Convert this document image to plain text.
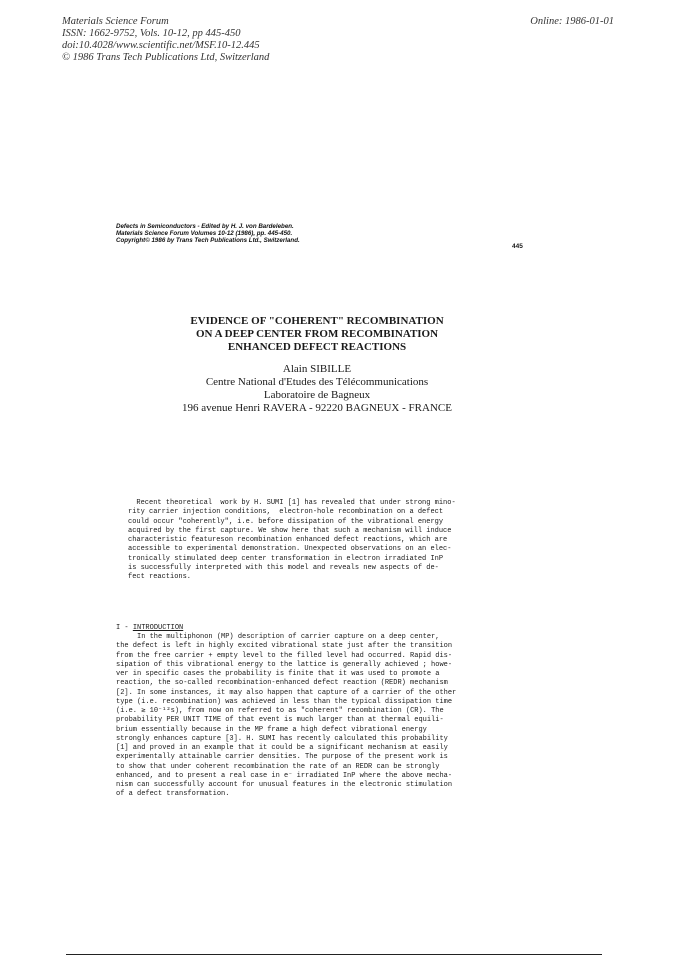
Materials Science Forum
ISSN: 1662-9752, Vols. 10-12, pp 445-450
doi:10.4028/www.scientific.net/MSF.10-12.445
© 1986 Trans Tech Publications Ltd, Switzerland
Online: 1986-01-01
Defects in Semiconductors - Edited by H. J. von Bardeleben.
Materials Science Forum Volumes 10-12 (1986), pp. 445-450.
Copyright© 1986 by Trans Tech Publications Ltd., Switzerland.
445
EVIDENCE OF "COHERENT" RECOMBINATION
ON A DEEP CENTER FROM RECOMBINATION
ENHANCED DEFECT REACTIONS
Alain SIBILLE
Centre National d'Etudes des Télécommunications
Laboratoire de Bagneux
196 avenue Henri RAVERA - 92220 BAGNEUX - FRANCE
Recent theoretical  work by H. SUMI [1] has revealed that under strong mino-
rity carrier injection conditions,  electron-hole recombination on a defect
could occur "coherently", i.e. before dissipation of the vibrational energy
acquired by the first capture. We show here that such a mechanism will induce
characteristic featureson recombination enhanced defect reactions, which are
accessible to experimental demonstration. Unexpected observations on an elec-
tronically stimulated deep center transformation in electron irradiated InP
is successfully interpreted with this model and reveals new aspects of de-
fect reactions.
I - INTRODUCTION
In the multiphonon (MP) description of carrier capture on a deep center,
the defect is left in highly excited vibrational state just after the transition
from the free carrier + empty level to the filled level had occurred. Rapid dis-
sipation of this vibrational energy to the lattice is generally achieved ; howe-
ver in specific cases the probability is finite that it was used to promote a
reaction, the so-called recombination-enhanced defect reaction (REDR) mechanism
[2]. In some instances, it may also happen that capture of a carrier of the other
type (i.e. recombination) was achieved in less than the typical dissipation time
(i.e. ≳ 10⁻¹²s), from now on referred to as "coherent" recombination (CR). The
probability PER UNIT TIME of that event is much larger than at thermal equili-
brium essentially because in the MP frame a high defect vibrational energy
strongly enhances capture [3]. H. SUMI has recently calculated this probability
[1] and proved in an example that it could be a significant mechanism at easily
experimentally attainable carrier densities. The purpose of the present work is
to show that under coherent recombination the rate of an REDR can be strongly
enhanced, and to present a real case in e⁻ irradiated InP where the above mecha-
nism can successfully account for unusual features in the electronic stimulation
of a defect transformation.
